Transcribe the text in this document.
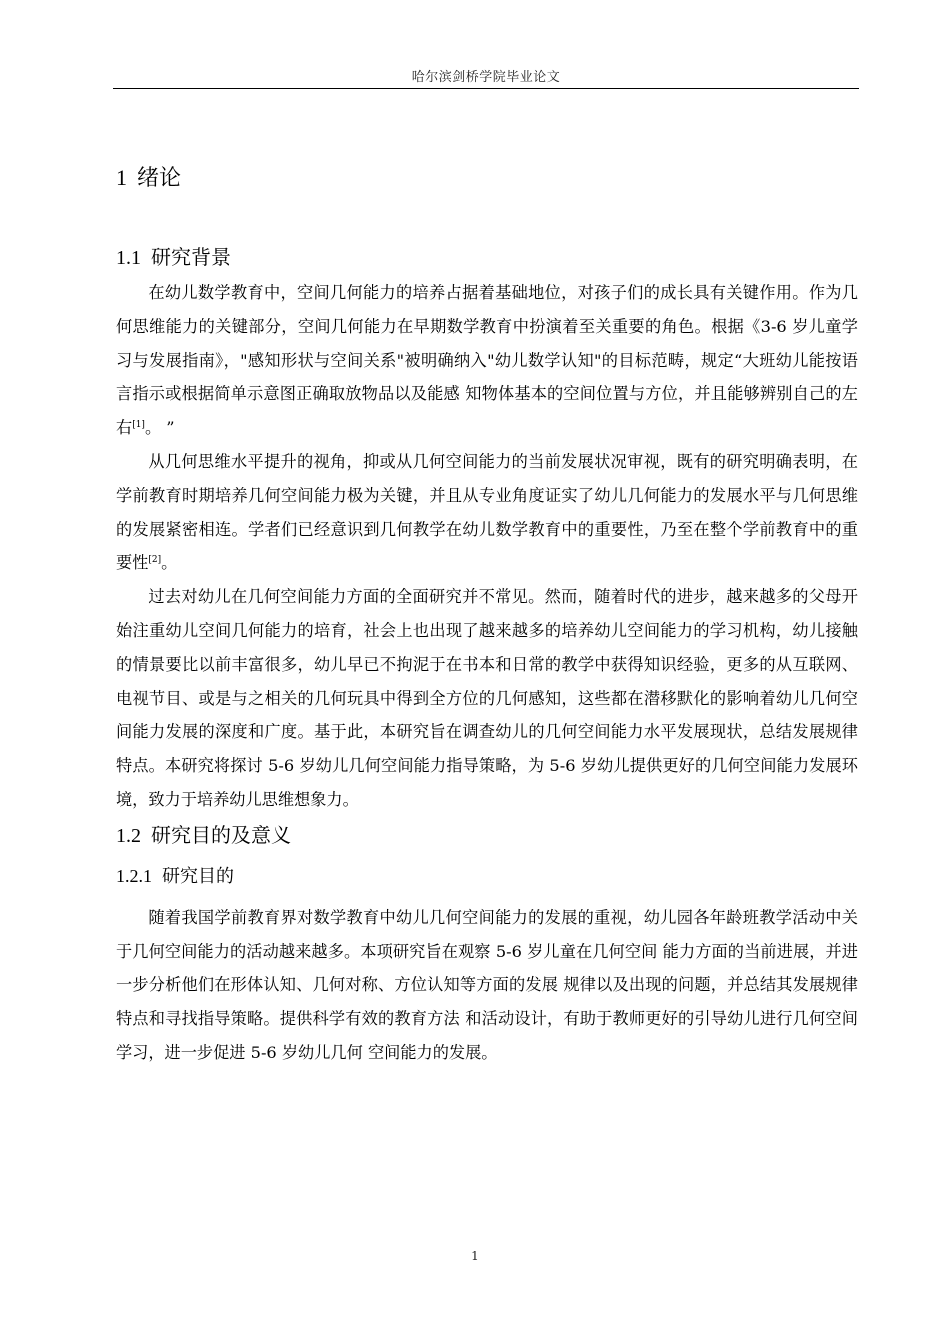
哈尔滨剑桥学院毕业论文
1 绪论
1.1 研究背景

在幼儿数学教育中，空间几何能力的培养占据着基础地位，对孩子们的成长具有关键作用。作为几何思维能力的关键部分，空间几何能力在早期数学教育中扮演着至关重要的角色。根据《3-6 岁儿童学习与发展指南》，"感知形状与空间关系"被明确纳入"幼儿数学认知"的目标范畴，规定“大班幼儿能按语言指示或根据简单示意图正确取放物品以及能感 知物体基本的空间位置与方位，并且能够辨别自己的左右[1]。 ”

从几何思维水平提升的视角，抑或从几何空间能力的当前发展状况审视，既有的研究明确表明，在学前教育时期培养几何空间能力极为关键，并且从专业角度证实了幼儿几何能力的发展水平与几何思维的发展紧密相连。学者们已经意识到几何教学在幼儿数学教育中的重要性，乃至在整个学前教育中的重要性[2]。

过去对幼儿在几何空间能力方面的全面研究并不常见。然而，随着时代的进步，越来越多的父母开始注重幼儿空间几何能力的培育，社会上也出现了越来越多的培养幼儿空间能力的学习机构，幼儿接触的情景要比以前丰富很多，幼儿早已不拘泥于在书本和日常的教学中获得知识经验，更多的从互联网、电视节目、或是与之相关的几何玩具中得到全方位的几何感知，这些都在潜移默化的影响着幼儿几何空间能力发展的深度和广度。基于此，本研究旨在调查幼儿的几何空间能力水平发展现状，总结发展规律特点。本研究将探讨 5-6 岁幼儿几何空间能力指导策略，为 5-6 岁幼儿提供更好的几何空间能力发展环境，致力于培养幼儿思维想象力。

1.2 研究目的及意义
1.2.1 研究目的

随着我国学前教育界对数学教育中幼儿几何空间能力的发展的重视，幼儿园各年龄班教学活动中关于几何空间能力的活动越来越多。本项研究旨在观察 5-6 岁儿童在几何空间 能力方面的当前进展，并进一步分析他们在形体认知、几何对称、方位认知等方面的发展 规律以及出现的问题，并总结其发展规律特点和寻找指导策略。提供科学有效的教育方法 和活动设计，有助于教师更好的引导幼儿进行几何空间学习，进一步促进 5-6 岁幼儿几何 空间能力的发展。

1
